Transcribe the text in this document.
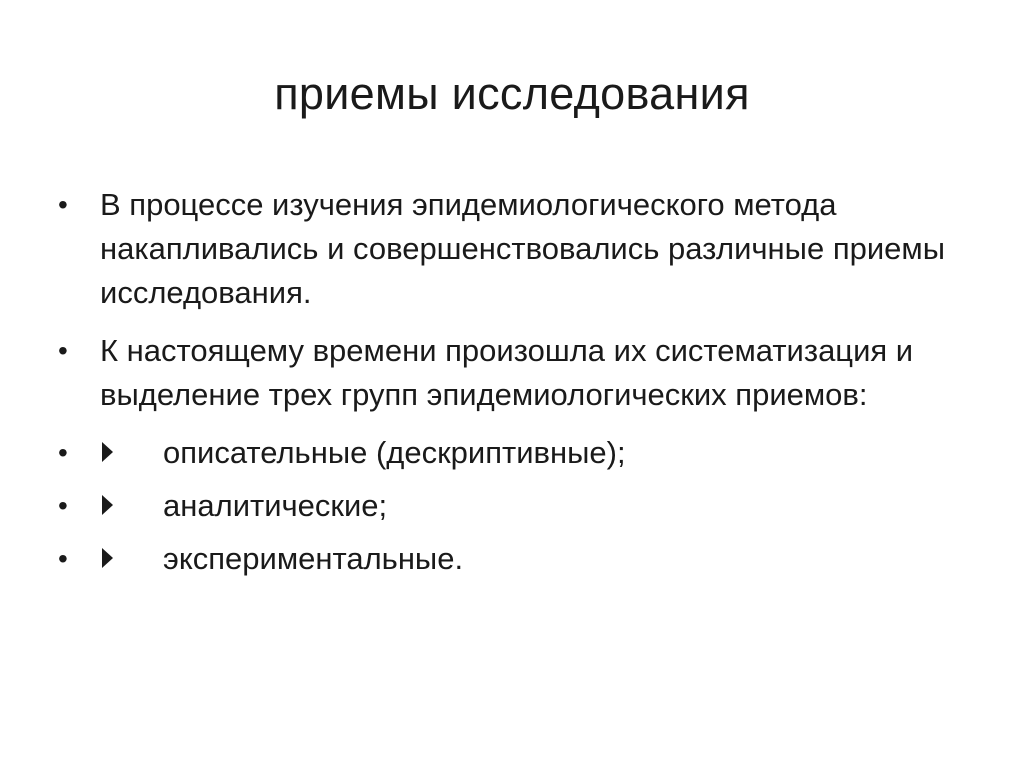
приемы исследования
•	В процессе изучения эпидемиологического метода накапливались и совершенствовались различные приемы исследования.
•	К настоящему времени произошла их систематизация и выделение трех групп эпидемиологических приемов:
•	описательные (дескриптивные);
•	аналитические;
•	экспериментальные.
